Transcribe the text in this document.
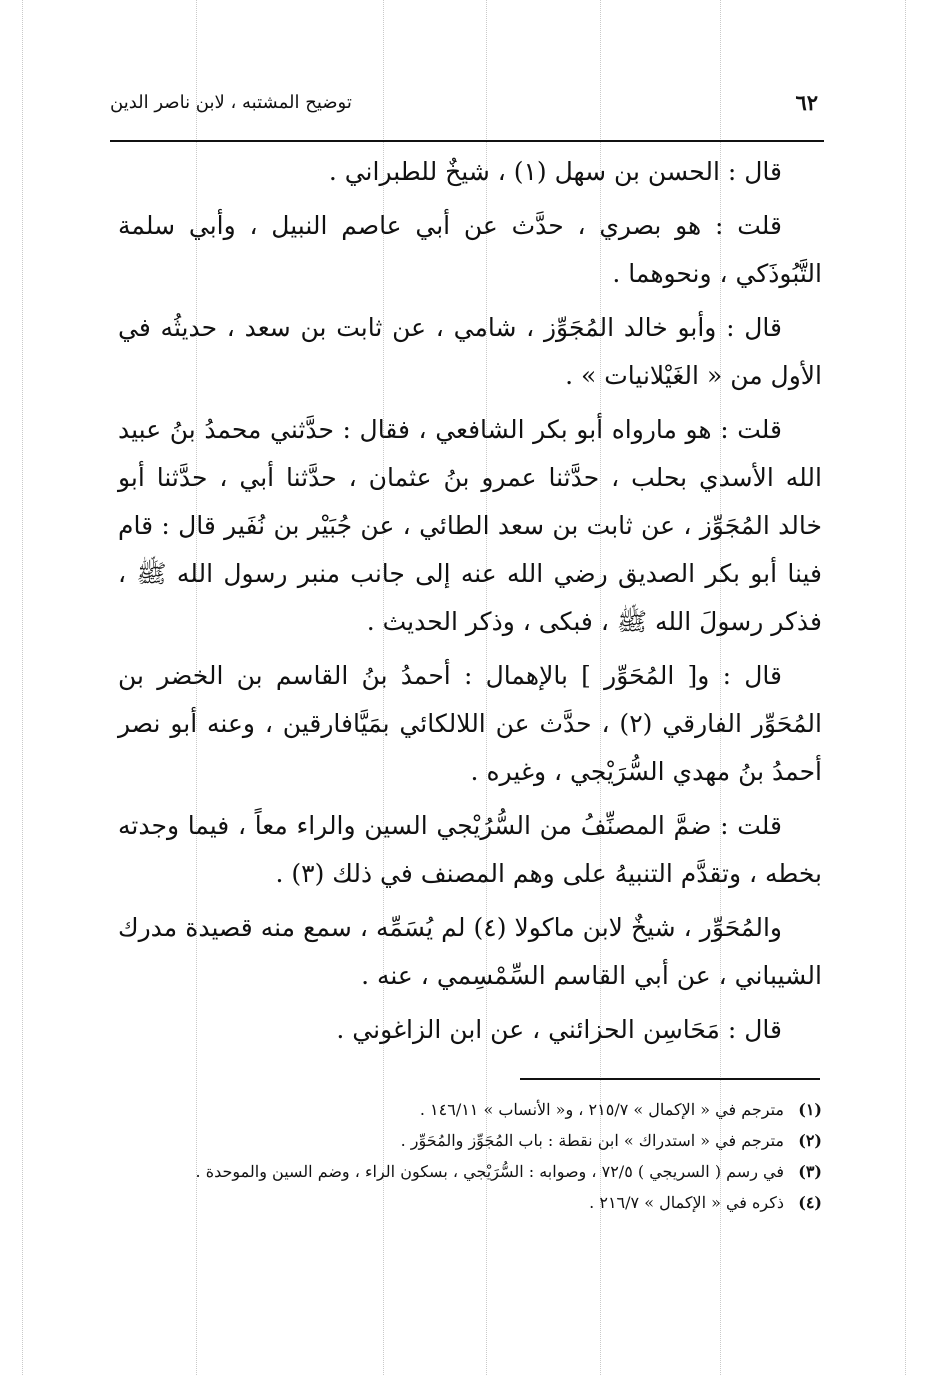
٦٢
توضيح المشتبه ، لابن ناصر الدين

قال : الحسن بن سهل (١) ، شيخٌ للطبراني .

قلت : هو بصري ، حدَّث عن أبي عاصم النبيل ، وأبي سلمة التَّبُوذَكي ، ونحوهما .

قال : وأبو خالد المُجَوِّز ، شامي ، عن ثابت بن سعد ، حديثُه في الأول من « الغَيْلانيات » .

قلت : هو مارواه أبو بكر الشافعي ، فقال : حدَّثني محمدُ بنُ عبيد الله الأسدي بحلب ، حدَّثنا عمرو بنُ عثمان ، حدَّثنا أبي ، حدَّثنا أبو خالد المُجَوِّز ، عن ثابت بن سعد الطائي ، عن جُبَيْر بن نُفَير قال : قام فينا أبو بكر الصديق رضي الله عنه إلى جانب منبر رسول الله ﷺ ، فذكر رسولَ الله ﷺ ، فبكى ، وذكر الحديث .

قال : و[ المُحَوِّر ] بالإهمال : أحمدُ بنُ القاسم بن الخضر بن المُحَوِّر الفارقي (٢) ، حدَّث عن اللالكائي بمَيَّافارقين ، وعنه أبو نصر أحمدُ بنُ مهدي السُّرَيْجي ، وغيره .

قلت : ضمَّ المصنِّفُ من السُّرُيْجي السين والراء معاً ، فيما وجدته بخطه ، وتقدَّم التنبيهُ على وهم المصنف في ذلك (٣) .

والمُحَوِّر ، شيخٌ لابن ماكولا (٤) لم يُسَمِّه ، سمع منه قصيدة مدرك الشيباني ، عن أبي القاسم السِّمْسِمي ، عنه .

قال : مَحَاسِن الحزائني ، عن ابن الزاغوني .

(١)
مترجم في « الإكمال » ٢١٥/٧ ، و« الأنساب » ١٤٦/١١ .
(٢)
مترجم في « استدراك » ابن نقطة : باب المُجَوِّز والمُحَوِّر .
(٣)
في رسم ( السريجي ) ٧٢/٥ ، وصوابه : السُّرَيْجي ، بسكون الراء ، وضم السين والموحدة .
(٤)
ذكره في « الإكمال » ٢١٦/٧ .
